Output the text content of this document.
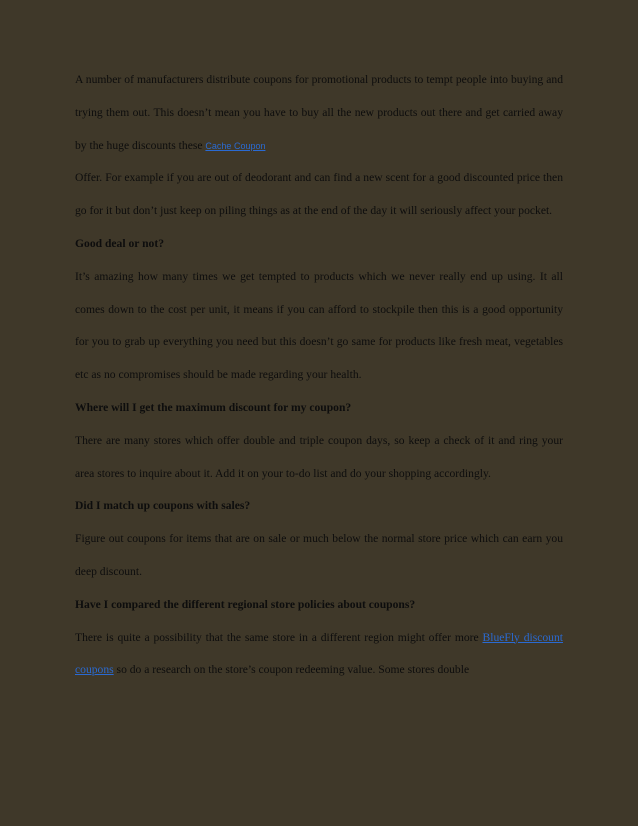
A number of manufacturers distribute coupons for promotional products to tempt people into buying and trying them out. This doesn’t mean you have to buy all the new products out there and get carried away by the huge discounts these Cache Coupon

Offer. For example if you are out of deodorant and can find a new scent for a good discounted price then go for it but don’t just keep on piling things as at the end of the day it will seriously affect your pocket.

Good deal or not?

It’s amazing how many times we get tempted to products which we never really end up using. It all comes down to the cost per unit, it means if you can afford to stockpile then this is a good opportunity for you to grab up everything you need but this doesn’t go same for products like fresh meat, vegetables etc as no compromises should be made regarding your health.

Where will I get the maximum discount for my coupon?

There are many stores which offer double and triple coupon days, so keep a check of it and ring your area stores to inquire about it. Add it on your to-do list and do your shopping accordingly.

Did I match up coupons with sales?

Figure out coupons for items that are on sale or much below the normal store price which can earn you deep discount.

Have I compared the different regional store policies about coupons?

There is quite a possibility that the same store in a different region might offer more BlueFly discount coupons so do a research on the store’s coupon redeeming value. Some stores double
